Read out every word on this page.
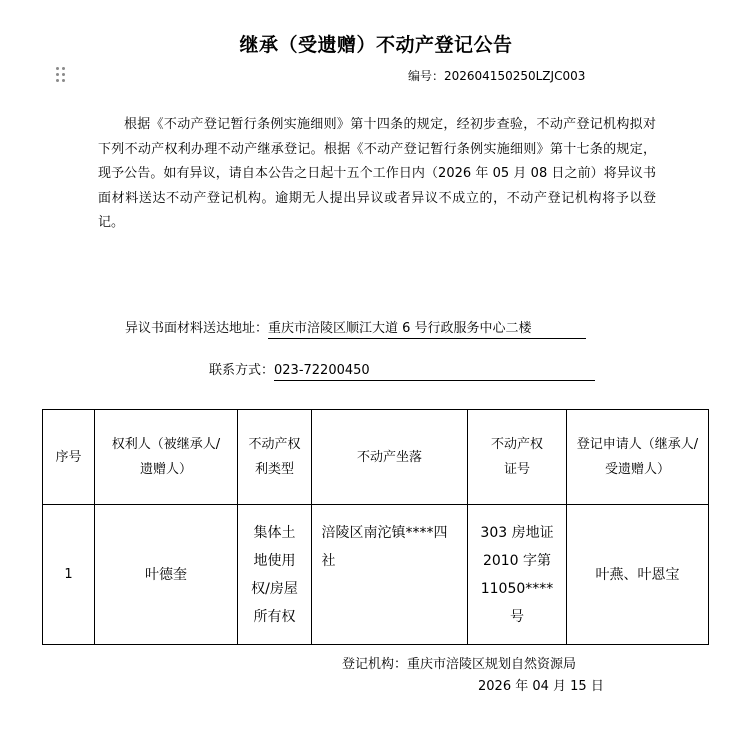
继承（受遗赠）不动产登记公告
编号：202604150250LZJC003
根据《不动产登记暂行条例实施细则》第十四条的规定，经初步查验，不动产登记机构拟对下列不动产权利办理不动产继承登记。根据《不动产登记暂行条例实施细则》第十七条的规定，现予公告。如有异议，请自本公告之日起十五个工作日内（2026 年 05 月 08 日之前）将异议书面材料送达不动产登记机构。逾期无人提出异议或者异议不成立的，不动产登记机构将予以登记。
异议书面材料送达地址：重庆市涪陵区顺江大道 6 号行政服务中心二楼
联系方式：023-72200450
序号	权利人（被继承人/遗赠人）	不动产权利类型	不动产坐落	不动产权证号	登记申请人（继承人/受遗赠人）
1	叶德奎	集体土地使用权/房屋所有权	涪陵区南沱镇****四社	303 房地证 2010 字第 11050****号	叶燕、叶恩宝
登记机构：重庆市涪陵区规划自然资源局
2026 年 04 月 15 日
